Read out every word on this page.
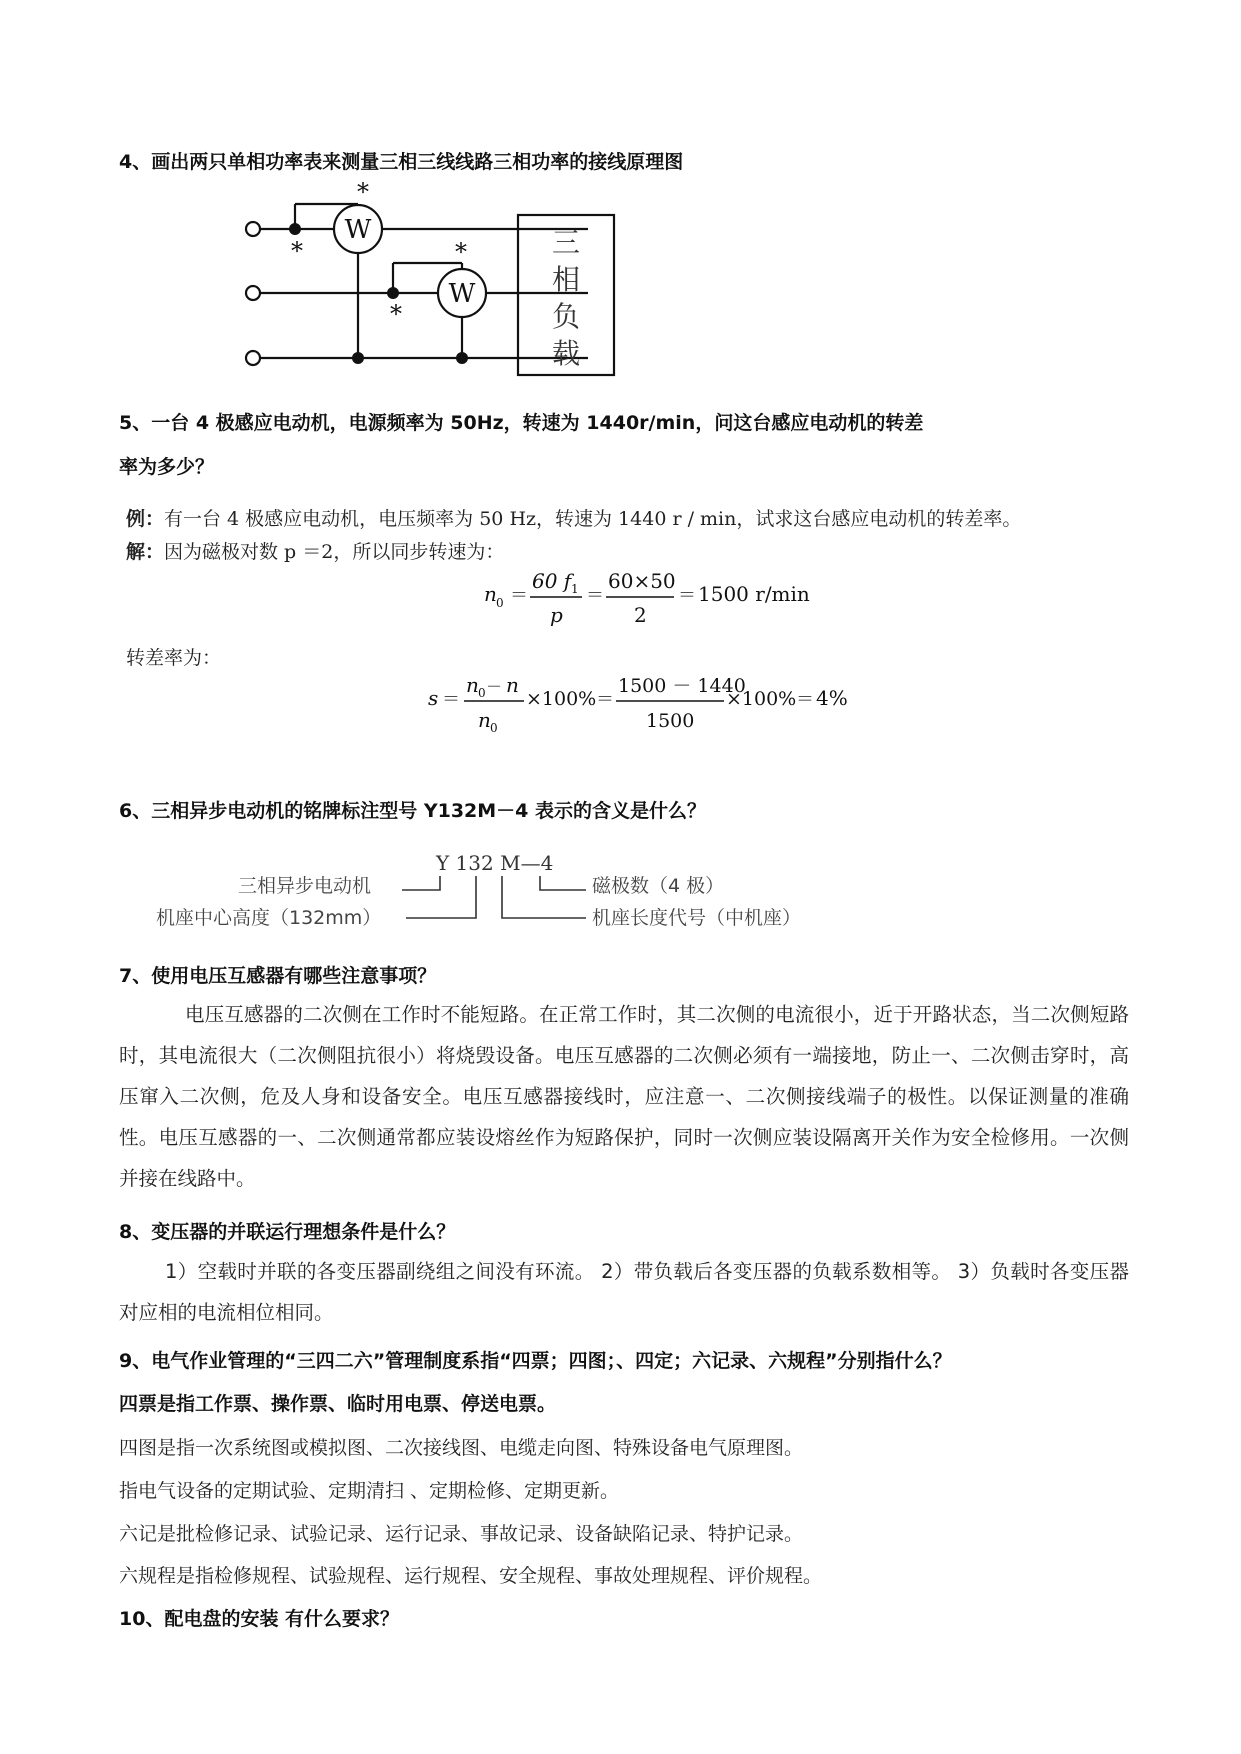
4、画出两只单相功率表来测量三相三线线路三相功率的接线原理图
W
W
*
*	*
*
三
相
负
载
5、一台 4 极感应电动机，电源频率为 50Hz，转速为 1440r/min，问这台感应电动机的转差
率为多少？
例：有一台 4 极感应电动机，电压频率为 50 Hz，转速为 1440 r / min，试求这台感应电动机的转差率。
解：因为磁极对数 p ＝2，所以同步转速为：
n 0 ＝
60 f 1
p
＝
60×50
2
＝ 1500 r/min
转差率为：
s ＝
n 0 － n
n 0
×100% ＝
1500 － 1440
1500
×100% ＝ 4%
6、三相异步电动机的铭牌标注型号 Y132M－4 表示的含义是什么？
Y 132 M—4
三相异步电动机
机座中心高度（132mm）
磁极数（4 极）
机座长度代号（中机座）
7、使用电压互感器有哪些注意事项？
电压互感器的二次侧在工作时不能短路。在正常工作时，其二次侧的电流很小，近于开路状态，当二次侧短路时，其电流很大（二次侧阻抗很小）将烧毁设备。电压互感器的二次侧必须有一端接地，防止一、二次侧击穿时，高压窜入二次侧，危及人身和设备安全。电压互感器接线时，应注意一、二次侧接线端子的极性。以保证测量的准确性。电压互感器的一、二次侧通常都应装设熔丝作为短路保护，同时一次侧应装设隔离开关作为安全检修用。一次侧并接在线路中。
8、变压器的并联运行理想条件是什么？
1）空载时并联的各变压器副绕组之间没有环流。 2）带负载后各变压器的负载系数相等。 3）负载时各变压器对应相的电流相位相同。
9、电气作业管理的“三四二六”管理制度系指“四票；四图；、四定；六记录、六规程”分别指什么？
四票是指工作票、操作票、临时用电票、停送电票。
四图是指一次系统图或模拟图、二次接线图、电缆走向图、特殊设备电气原理图。
指电气设备的定期试验、定期清扫 、定期检修、定期更新。
六记是批检修记录、试验记录、运行记录、事故记录、设备缺陷记录、特护记录。
六规程是指检修规程、试验规程、运行规程、安全规程、事故处理规程、评价规程。
10、配电盘的安装 有什么要求？
